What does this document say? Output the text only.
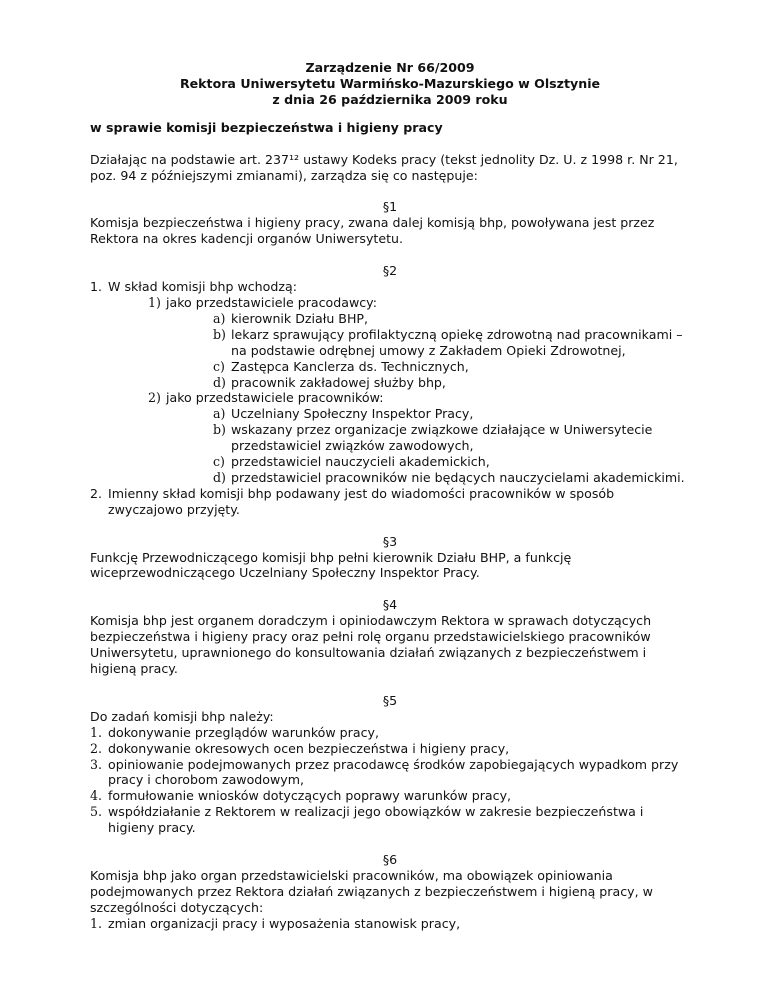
Zarządzenie Nr 66/2009
Rektora Uniwersytetu Warmińsko-Mazurskiego w Olsztynie
z dnia 26 października 2009 roku
w sprawie komisji bezpieczeństwa i higieny pracy
Działając na podstawie art. 237¹² ustawy Kodeks pracy (tekst jednolity Dz. U. z 1998 r. Nr 21, poz. 94 z późniejszymi zmianami), zarządza się co następuje:
§1
Komisja bezpieczeństwa i higieny pracy, zwana dalej komisją bhp, powoływana jest przez Rektora na okres kadencji organów Uniwersytetu.
§2
1. W skład komisji bhp wchodzą:
1) jako przedstawiciele pracodawcy:
a) kierownik Działu BHP,
b) lekarz sprawujący profilaktyczną opiekę zdrowotną nad pracownikami – na podstawie odrębnej umowy z Zakładem Opieki Zdrowotnej,
c) Zastępca Kanclerza ds. Technicznych,
d) pracownik zakładowej służby bhp,
2) jako przedstawiciele pracowników:
a) Uczelniany Społeczny Inspektor Pracy,
b) wskazany przez organizacje związkowe działające w Uniwersytecie przedstawiciel związków zawodowych,
c) przedstawiciel nauczycieli akademickich,
d) przedstawiciel pracowników nie będących nauczycielami akademickimi.
2. Imienny skład komisji bhp podawany jest do wiadomości pracowników w sposób zwyczajowo przyjęty.
§3
Funkcję Przewodniczącego komisji bhp pełni kierownik Działu BHP, a funkcję wiceprzewodniczącego Uczelniany Społeczny Inspektor Pracy.
§4
Komisja bhp jest organem doradczym i opiniodawczym Rektora w sprawach dotyczących bezpieczeństwa i higieny pracy oraz pełni rolę organu przedstawicielskiego pracowników Uniwersytetu, uprawnionego do konsultowania działań związanych z bezpieczeństwem i higieną pracy.
§5
Do zadań komisji bhp należy:
1. dokonywanie przeglądów warunków pracy,
2. dokonywanie okresowych ocen bezpieczeństwa i higieny pracy,
3. opiniowanie podejmowanych przez pracodawcę środków zapobiegających wypadkom przy pracy i chorobom zawodowym,
4. formułowanie wniosków dotyczących poprawy warunków pracy,
5. współdziałanie z Rektorem w realizacji jego obowiązków w zakresie bezpieczeństwa i higieny pracy.
§6
Komisja bhp jako organ przedstawicielski pracowników, ma obowiązek opiniowania podejmowanych przez Rektora działań związanych z bezpieczeństwem i higieną pracy, w szczególności dotyczących:
1. zmian organizacji pracy i wyposażenia stanowisk pracy,
